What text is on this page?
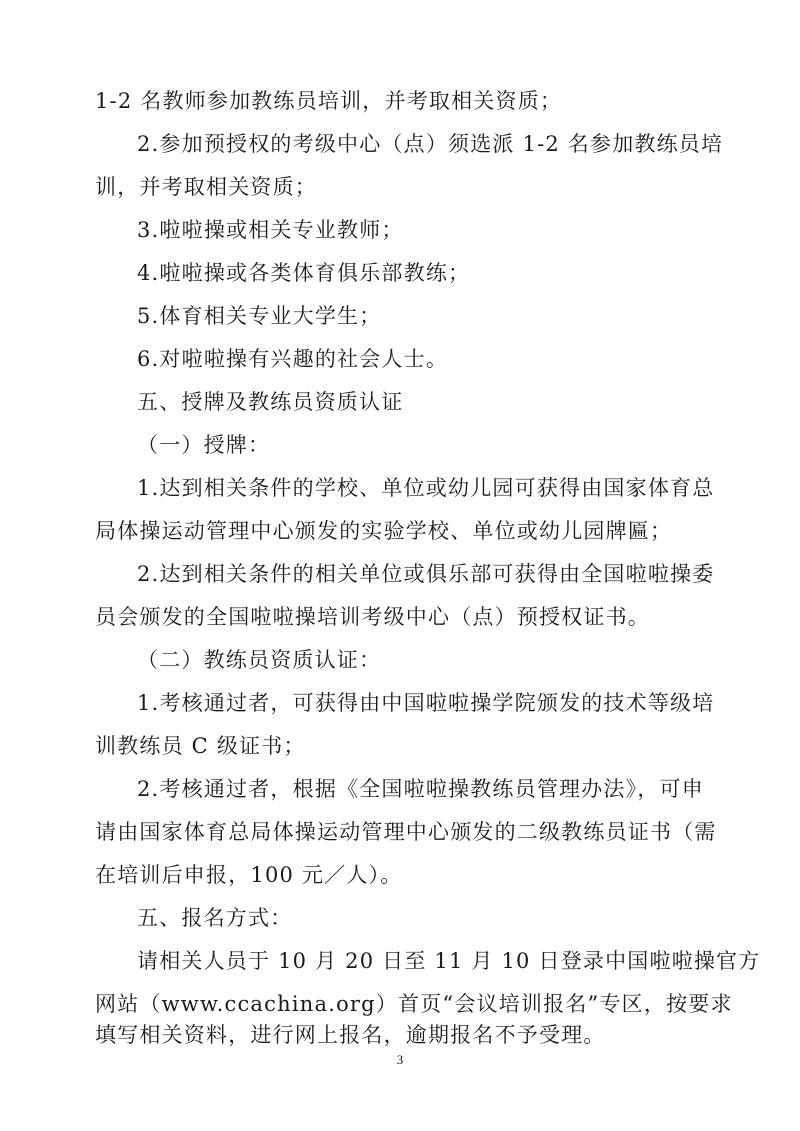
1-2 名教师参加教练员培训，并考取相关资质；
2.参加预授权的考级中心（点）须选派 1-2 名参加教练员培
训，并考取相关资质；
3.啦啦操或相关专业教师；
4.啦啦操或各类体育俱乐部教练；
5.体育相关专业大学生；
6.对啦啦操有兴趣的社会人士。
五、授牌及教练员资质认证
（一）授牌：
1.达到相关条件的学校、单位或幼儿园可获得由国家体育总
局体操运动管理中心颁发的实验学校、单位或幼儿园牌匾；
2.达到相关条件的相关单位或俱乐部可获得由全国啦啦操委
员会颁发的全国啦啦操培训考级中心（点）预授权证书。
（二）教练员资质认证：
1.考核通过者，可获得由中国啦啦操学院颁发的技术等级培
训教练员 C 级证书；
2.考核通过者，根据《全国啦啦操教练员管理办法》，可申
请由国家体育总局体操运动管理中心颁发的二级教练员证书（需
在培训后申报，100 元／人）。
五、报名方式：
请相关人员于 10 月 20 日至 11 月 10 日登录中国啦啦操官方
网站（www.ccachina.org）首页“会议培训报名”专区，按要求
填写相关资料，进行网上报名，逾期报名不予受理。
3
